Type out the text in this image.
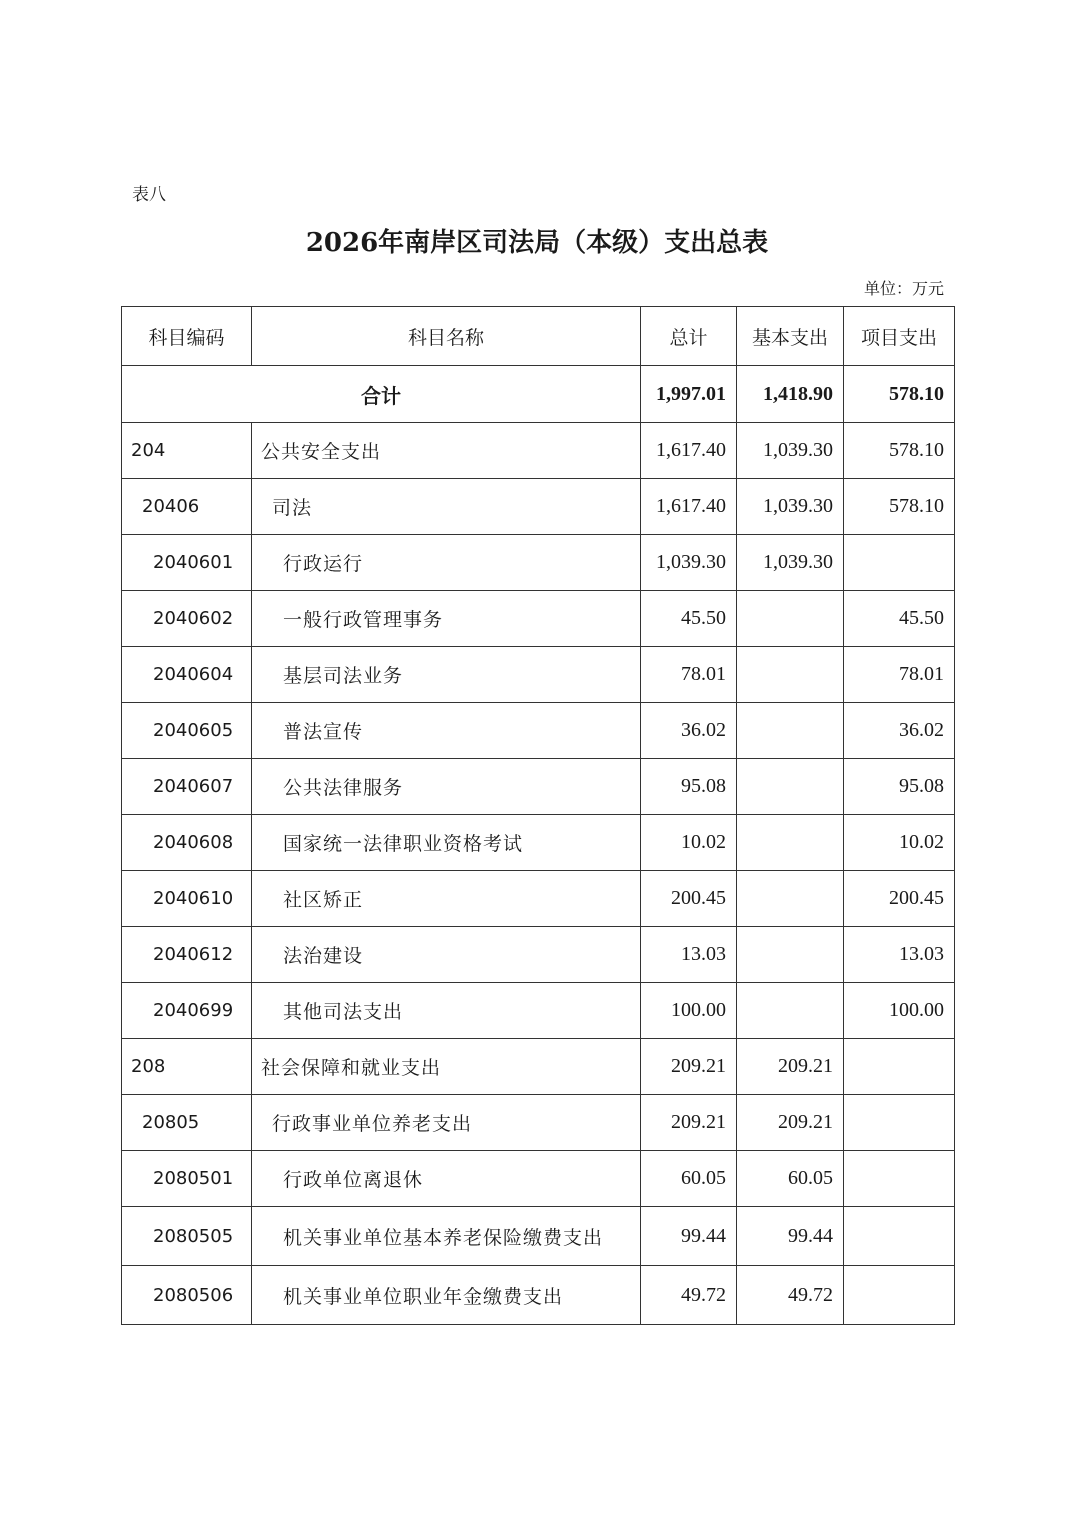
表八
2026年南岸区司法局（本级）支出总表
单位：万元
科目编码	科目名称	总计	基本支出	项目支出
合计		1,997.01	1,418.90	578.10
204	公共安全支出	1,617.40	1,039.30	578.10
20406	司法	1,617.40	1,039.30	578.10
2040601	行政运行	1,039.30	1,039.30	
2040602	一般行政管理事务	45.50		45.50
2040604	基层司法业务	78.01		78.01
2040605	普法宣传	36.02		36.02
2040607	公共法律服务	95.08		95.08
2040608	国家统一法律职业资格考试	10.02		10.02
2040610	社区矫正	200.45		200.45
2040612	法治建设	13.03		13.03
2040699	其他司法支出	100.00		100.00
208	社会保障和就业支出	209.21	209.21	
20805	行政事业单位养老支出	209.21	209.21	
2080501	行政单位离退休	60.05	60.05	
2080505	机关事业单位基本养老保险缴费支出	99.44	99.44	
2080506	机关事业单位职业年金缴费支出	49.72	49.72	
